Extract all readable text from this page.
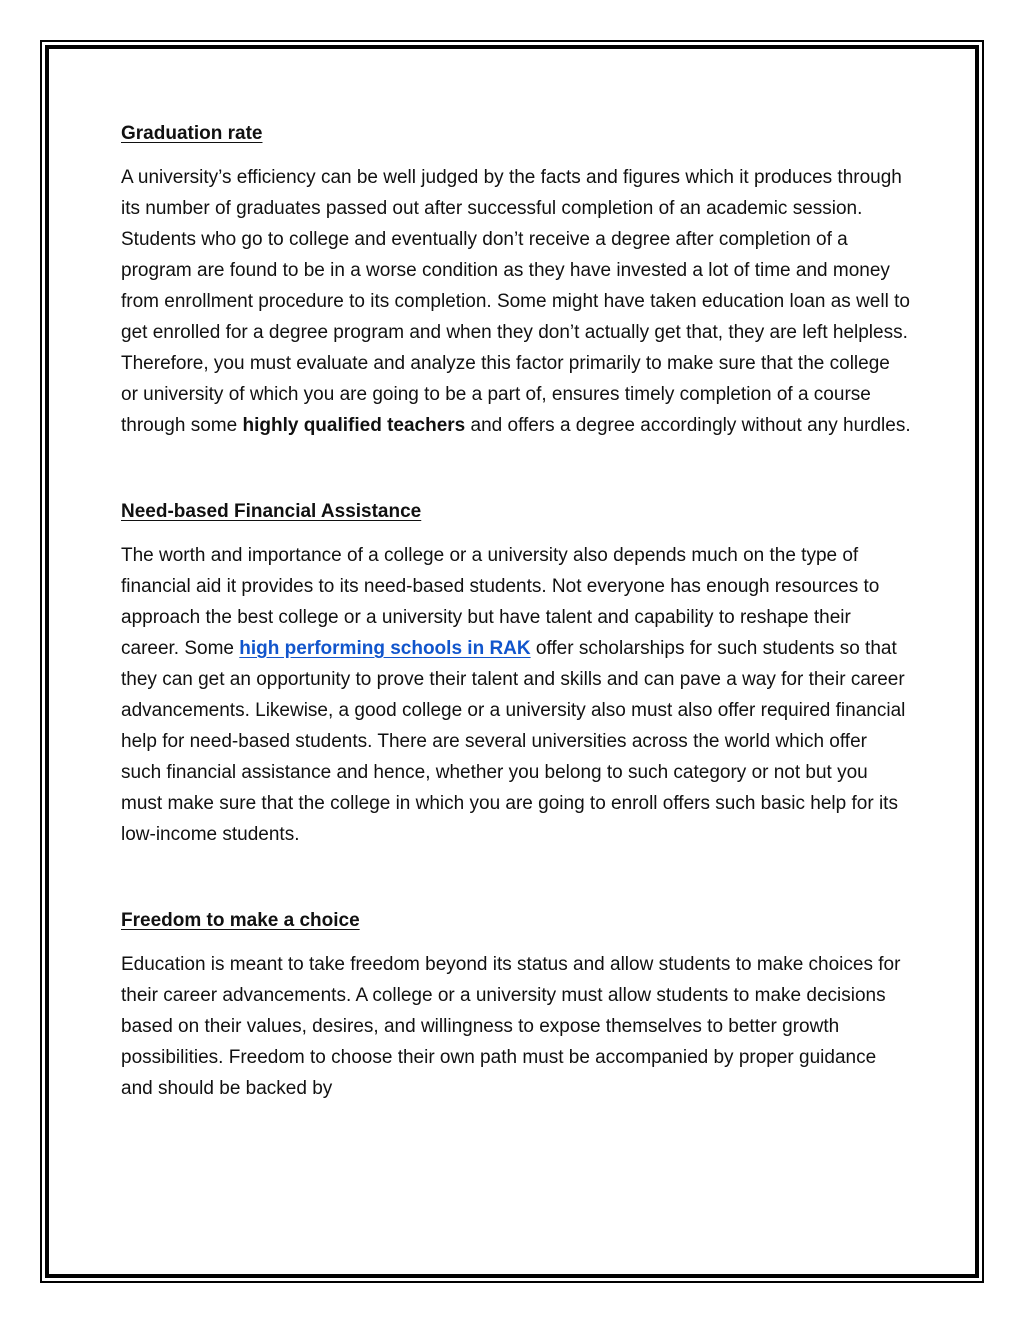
Graduation rate

A university’s efficiency can be well judged by the facts and figures which it produces through its number of graduates passed out after successful completion of an academic session. Students who go to college and eventually don’t receive a degree after completion of a program are found to be in a worse condition as they have invested a lot of time and money from enrollment procedure to its completion. Some might have taken education loan as well to get enrolled for a degree program and when they don’t actually get that, they are left helpless. Therefore, you must evaluate and analyze this factor primarily to make sure that the college or university of which you are going to be a part of, ensures timely completion of a course through some highly qualified teachers and offers a degree accordingly without any hurdles.

Need-based Financial Assistance

The worth and importance of a college or a university also depends much on the type of financial aid it provides to its need-based students. Not everyone has enough resources to approach the best college or a university but have talent and capability to reshape their career. Some high performing schools in RAK offer scholarships for such students so that they can get an opportunity to prove their talent and skills and can pave a way for their career advancements. Likewise, a good college or a university also must also offer required financial help for need-based students. There are several universities across the world which offer such financial assistance and hence, whether you belong to such category or not but you must make sure that the college in which you are going to enroll offers such basic help for its low-income students.

Freedom to make a choice

Education is meant to take freedom beyond its status and allow students to make choices for their career advancements. A college or a university must allow students to make decisions based on their values, desires, and willingness to expose themselves to better growth possibilities. Freedom to choose their own path must be accompanied by proper guidance and should be backed by
